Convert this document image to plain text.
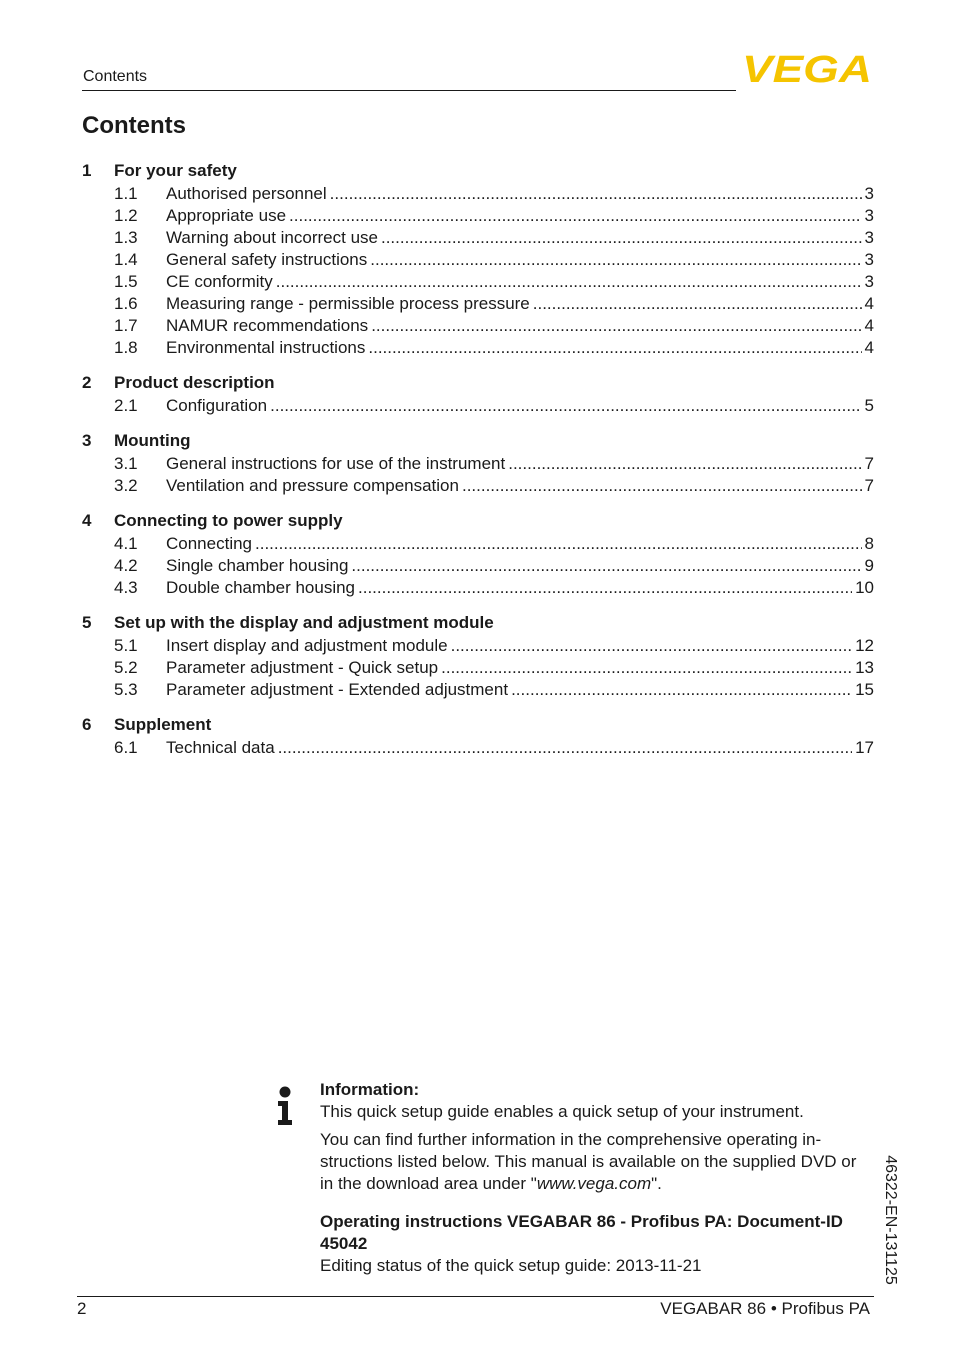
Contents	VEGA
Contents
1	For your safety
1.1	Authorised personnel .....	3
1.2	Appropriate use .....	3
1.3	Warning about incorrect use .....	3
1.4	General safety instructions .....	3
1.5	CE conformity .....	3
1.6	Measuring range - permissible process pressure .....	4
1.7	NAMUR recommendations .....	4
1.8	Environmental instructions .....	4
2	Product description
2.1	Configuration .....	5
3	Mounting
3.1	General instructions for use of the instrument .....	7
3.2	Ventilation and pressure compensation .....	7
4	Connecting to power supply
4.1	Connecting .....	8
4.2	Single chamber housing .....	9
4.3	Double chamber housing .....	10
5	Set up with the display and adjustment module
5.1	Insert display and adjustment module .....	12
5.2	Parameter adjustment - Quick setup .....	13
5.3	Parameter adjustment - Extended adjustment .....	15
6	Supplement
6.1	Technical data .....	17

Information:

This quick setup guide enables a quick setup of your instrument.

You can find further information in the comprehensive operating instructions listed below. This manual is available on the supplied DVD or in the download area under "www.vega.com".

Operating instructions VEGABAR 86 - Profibus PA: Document-ID 45042

Editing status of the quick setup guide: 2013-11-21	46322-EN-131125
2	VEGABAR 86 • Profibus PA
